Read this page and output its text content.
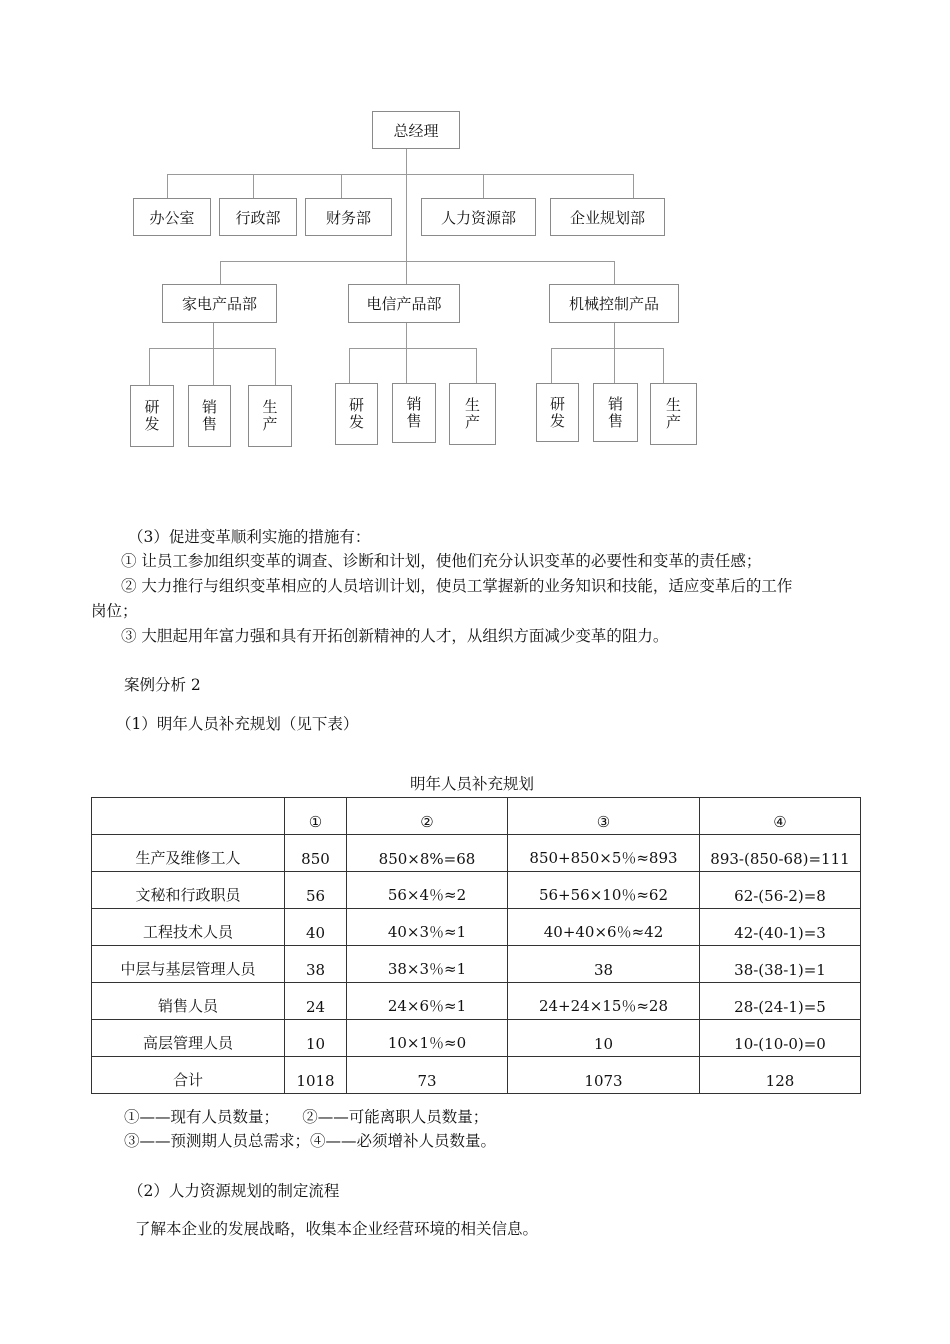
总经理
办公室	行政部	财务部	人力资源部	企业规划部
家电产品部	电信产品部	机械控制产品
研发	销售	生产	研发	销售	生产	研发	销售	生产
（3）促进变革顺利实施的措施有：
① 让员工参加组织变革的调查、诊断和计划，使他们充分认识变革的必要性和变革的责任感；
② 大力推行与组织变革相应的人员培训计划，使员工掌握新的业务知识和技能，适应变革后的工作
岗位；
③ 大胆起用年富力强和具有开拓创新精神的人才，从组织方面减少变革的阻力。
案例分析 2
（1）明年人员补充规划（见下表）
明年人员补充规划
	①	②	③	④
生产及维修工人	850	850×8%=68	850+850×5％≈893	893-(850-68)=111
文秘和行政职员	56	56×4％≈2	56+56×10％≈62	62-(56-2)=8
工程技术人员	40	40×3％≈1	40+40×6％≈42	42-(40-1)=3
中层与基层管理人员	38	38×3％≈1	38	38-(38-1)=1
销售人员	24	24×6％≈1	24+24×15％≈28	28-(24-1)=5
高层管理人员	10	10×1％≈0	10	10-(10-0)=0
合计	1018	73	1073	128
①——现有人员数量；　　②——可能离职人员数量；
③——预测期人员总需求；④——必须增补人员数量。
（2）人力资源规划的制定流程
了解本企业的发展战略，收集本企业经营环境的相关信息。
